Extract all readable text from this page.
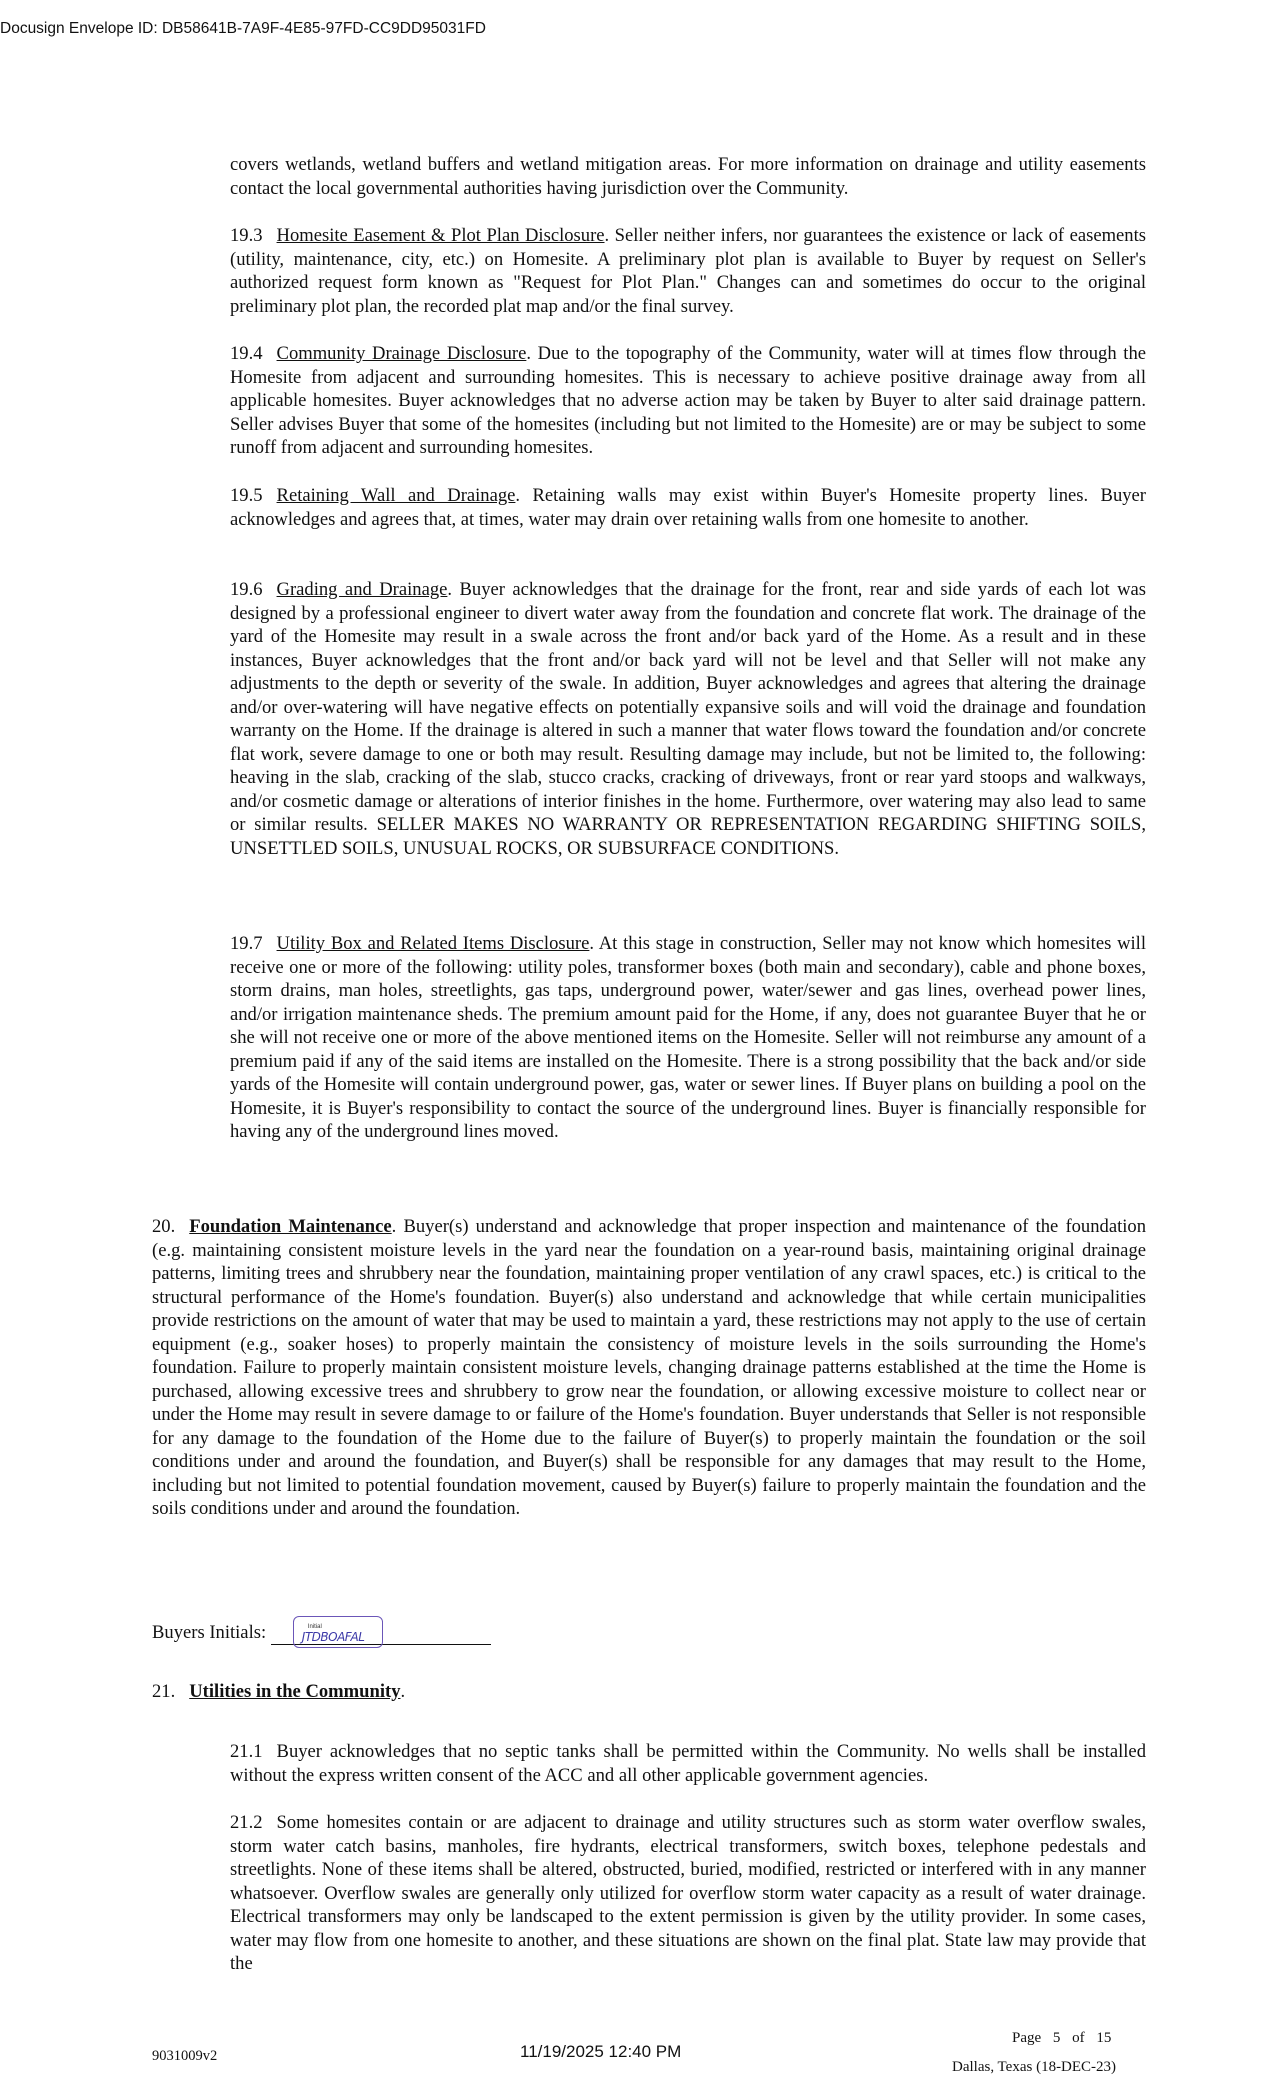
Docusign Envelope ID: DB58641B-7A9F-4E85-97FD-CC9DD95031FD

covers wetlands, wetland buffers and wetland mitigation areas. For more information on drainage and utility easements contact the local governmental authorities having jurisdiction over the Community.

19.3 Homesite Easement & Plot Plan Disclosure. Seller neither infers, nor guarantees the existence or lack of easements (utility, maintenance, city, etc.) on Homesite. A preliminary plot plan is available to Buyer by request on Seller's authorized request form known as "Request for Plot Plan." Changes can and sometimes do occur to the original preliminary plot plan, the recorded plat map and/or the final survey.

19.4 Community Drainage Disclosure. Due to the topography of the Community, water will at times flow through the Homesite from adjacent and surrounding homesites. This is necessary to achieve positive drainage away from all applicable homesites. Buyer acknowledges that no adverse action may be taken by Buyer to alter said drainage pattern. Seller advises Buyer that some of the homesites (including but not limited to the Homesite) are or may be subject to some runoff from adjacent and surrounding homesites.

19.5 Retaining Wall and Drainage. Retaining walls may exist within Buyer's Homesite property lines. Buyer acknowledges and agrees that, at times, water may drain over retaining walls from one homesite to another.

19.6 Grading and Drainage. Buyer acknowledges that the drainage for the front, rear and side yards of each lot was designed by a professional engineer to divert water away from the foundation and concrete flat work. The drainage of the yard of the Homesite may result in a swale across the front and/or back yard of the Home. As a result and in these instances, Buyer acknowledges that the front and/or back yard will not be level and that Seller will not make any adjustments to the depth or severity of the swale. In addition, Buyer acknowledges and agrees that altering the drainage and/or over-watering will have negative effects on potentially expansive soils and will void the drainage and foundation warranty on the Home. If the drainage is altered in such a manner that water flows toward the foundation and/or concrete flat work, severe damage to one or both may result. Resulting damage may include, but not be limited to, the following: heaving in the slab, cracking of the slab, stucco cracks, cracking of driveways, front or rear yard stoops and walkways, and/or cosmetic damage or alterations of interior finishes in the home. Furthermore, over watering may also lead to same or similar results. SELLER MAKES NO WARRANTY OR REPRESENTATION REGARDING SHIFTING SOILS, UNSETTLED SOILS, UNUSUAL ROCKS, OR SUBSURFACE CONDITIONS.

19.7 Utility Box and Related Items Disclosure. At this stage in construction, Seller may not know which homesites will receive one or more of the following: utility poles, transformer boxes (both main and secondary), cable and phone boxes, storm drains, man holes, streetlights, gas taps, underground power, water/sewer and gas lines, overhead power lines, and/or irrigation maintenance sheds. The premium amount paid for the Home, if any, does not guarantee Buyer that he or she will not receive one or more of the above mentioned items on the Homesite. Seller will not reimburse any amount of a premium paid if any of the said items are installed on the Homesite. There is a strong possibility that the back and/or side yards of the Homesite will contain underground power, gas, water or sewer lines. If Buyer plans on building a pool on the Homesite, it is Buyer's responsibility to contact the source of the underground lines. Buyer is financially responsible for having any of the underground lines moved.

20. Foundation Maintenance. Buyer(s) understand and acknowledge that proper inspection and maintenance of the foundation (e.g. maintaining consistent moisture levels in the yard near the foundation on a year-round basis, maintaining original drainage patterns, limiting trees and shrubbery near the foundation, maintaining proper ventilation of any crawl spaces, etc.) is critical to the structural performance of the Home's foundation. Buyer(s) also understand and acknowledge that while certain municipalities provide restrictions on the amount of water that may be used to maintain a yard, these restrictions may not apply to the use of certain equipment (e.g., soaker hoses) to properly maintain the consistency of moisture levels in the soils surrounding the Home's foundation. Failure to properly maintain consistent moisture levels, changing drainage patterns established at the time the Home is purchased, allowing excessive trees and shrubbery to grow near the foundation, or allowing excessive moisture to collect near or under the Home may result in severe damage to or failure of the Home's foundation. Buyer understands that Seller is not responsible for any damage to the foundation of the Home due to the failure of Buyer(s) to properly maintain the foundation or the soil conditions under and around the foundation, and Buyer(s) shall be responsible for any damages that may result to the Home, including but not limited to potential foundation movement, caused by Buyer(s) failure to properly maintain the foundation and the soils conditions under and around the foundation.

Buyers Initials:	Initial
JTDBOAFAL

21. Utilities in the Community.

21.1 Buyer acknowledges that no septic tanks shall be permitted within the Community. No wells shall be installed without the express written consent of the ACC and all other applicable government agencies.

21.2 Some homesites contain or are adjacent to drainage and utility structures such as storm water overflow swales, storm water catch basins, manholes, fire hydrants, electrical transformers, switch boxes, telephone pedestals and streetlights. None of these items shall be altered, obstructed, buried, modified, restricted or interfered with in any manner whatsoever. Overflow swales are generally only utilized for overflow storm water capacity as a result of water drainage. Electrical transformers may only be landscaped to the extent permission is given by the utility provider. In some cases, water may flow from one homesite to another, and these situations are shown on the final plat. State law may provide that the

9031009v2	11/19/2025 12:40 PM
Page 5 of 15
Dallas, Texas (18-DEC-23)
